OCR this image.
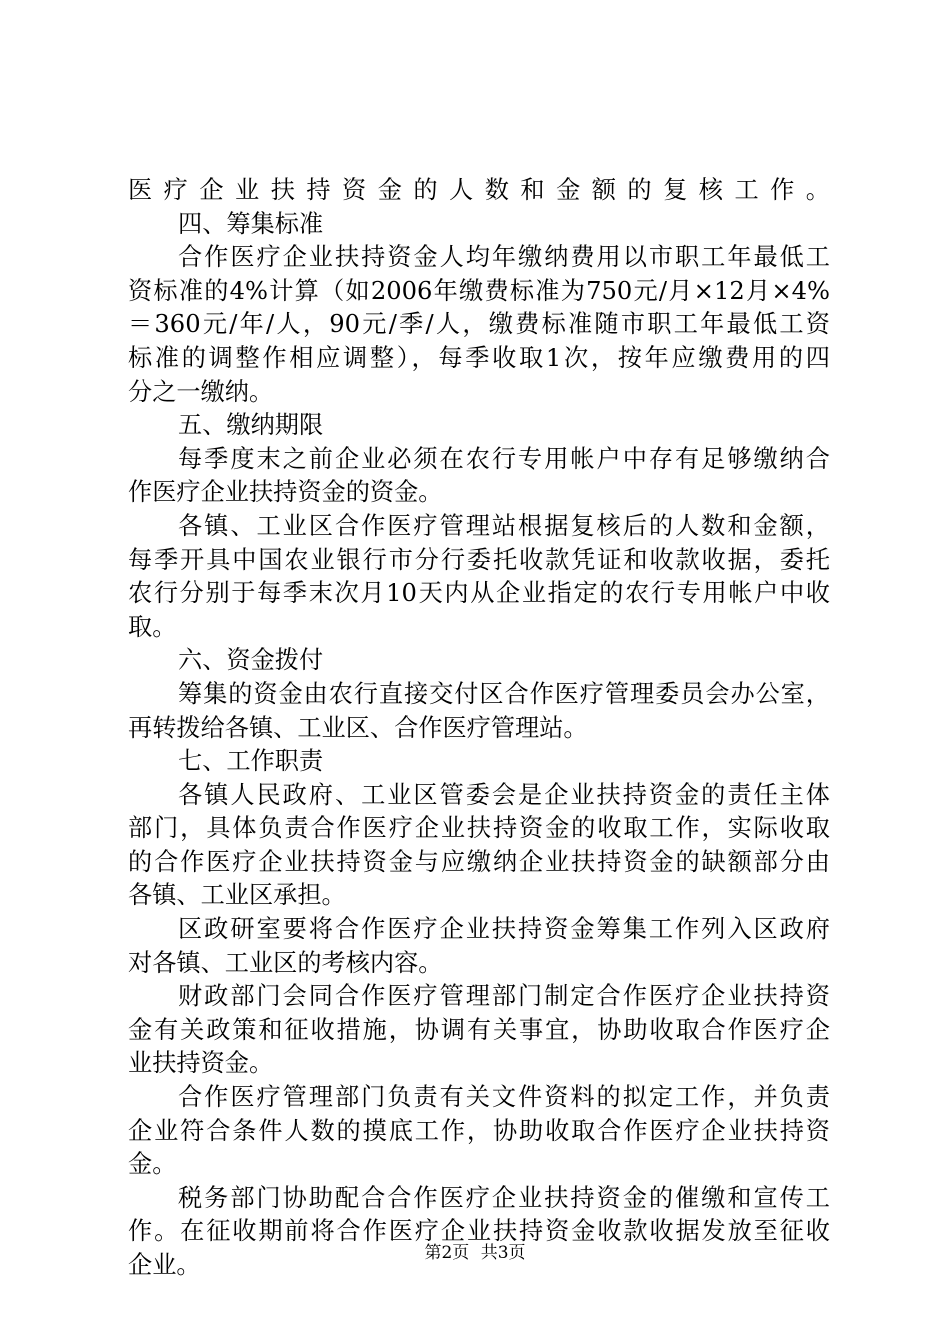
医疗企业扶持资金的人数和金额的复核工作。
四、筹集标准
合作医疗企业扶持资金人均年缴纳费用以市职工年最低工
资标准的4%计算（如2006年缴费标准为750元/月×12月×4%
＝360元/年/人，90元/季/人，缴费标准随市职工年最低工资
标准的调整作相应调整），每季收取1次，按年应缴费用的四
分之一缴纳。
五、缴纳期限
每季度末之前企业必须在农行专用帐户中存有足够缴纳合
作医疗企业扶持资金的资金。
各镇、工业区合作医疗管理站根据复核后的人数和金额，
每季开具中国农业银行市分行委托收款凭证和收款收据，委托
农行分别于每季末次月10天内从企业指定的农行专用帐户中收
取。
六、资金拨付
筹集的资金由农行直接交付区合作医疗管理委员会办公室，
再转拨给各镇、工业区、合作医疗管理站。
七、工作职责
各镇人民政府、工业区管委会是企业扶持资金的责任主体
部门，具体负责合作医疗企业扶持资金的收取工作，实际收取
的合作医疗企业扶持资金与应缴纳企业扶持资金的缺额部分由
各镇、工业区承担。
区政研室要将合作医疗企业扶持资金筹集工作列入区政府
对各镇、工业区的考核内容。
财政部门会同合作医疗管理部门制定合作医疗企业扶持资
金有关政策和征收措施，协调有关事宜，协助收取合作医疗企
业扶持资金。
合作医疗管理部门负责有关文件资料的拟定工作，并负责
企业符合条件人数的摸底工作，协助收取合作医疗企业扶持资
金。
税务部门协助配合合作医疗企业扶持资金的催缴和宣传工
作。在征收期前将合作医疗企业扶持资金收款收据发放至征收
企业。	第2页 共3页
